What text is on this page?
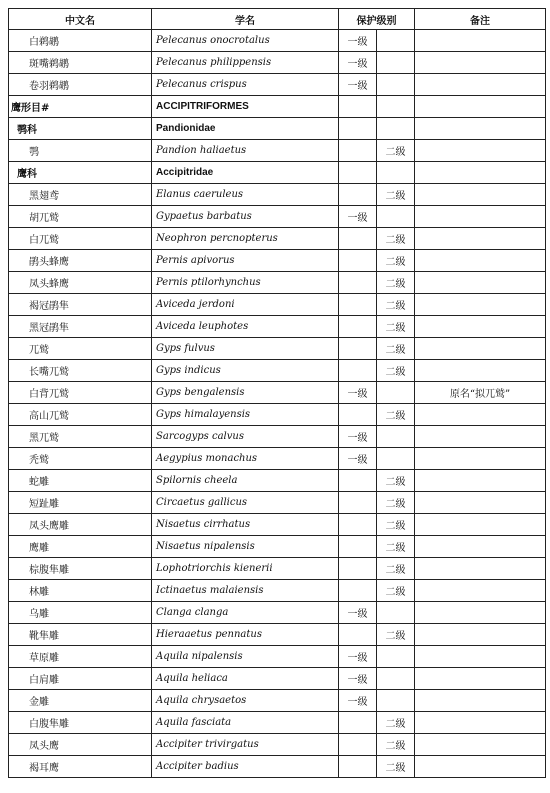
中文名	学名	保护级别		备注
白鹈鹕	Pelecanus onocrotalus	一级		
斑嘴鹈鹕	Pelecanus philippensis	一级		
卷羽鹈鹕	Pelecanus crispus	一级		
鹰形目#	ACCIPITRIFORMES			
鹗科	Pandionidae			
鹗	Pandion haliaetus		二级	
鹰科	Accipitridae			
黑翅鸢	Elanus caeruleus		二级	
胡兀鹫	Gypaetus barbatus	一级		
白兀鹫	Neophron percnopterus		二级	
鹃头蜂鹰	Pernis apivorus		二级	
凤头蜂鹰	Pernis ptilorhynchus		二级	
褐冠鹃隼	Aviceda jerdoni		二级	
黑冠鹃隼	Aviceda leuphotes		二级	
兀鹫	Gyps fulvus		二级	
长嘴兀鹫	Gyps indicus		二级	
白背兀鹫	Gyps bengalensis	一级		原名“拟兀鹫”
高山兀鹫	Gyps himalayensis		二级	
黑兀鹫	Sarcogyps calvus	一级		
秃鹫	Aegypius monachus	一级		
蛇雕	Spilornis cheela		二级	
短趾雕	Circaetus gallicus		二级	
凤头鹰雕	Nisaetus cirrhatus		二级	
鹰雕	Nisaetus nipalensis		二级	
棕腹隼雕	Lophotriorchis kienerii		二级	
林雕	Ictinaetus malaiensis		二级	
乌雕	Clanga clanga	一级		
靴隼雕	Hieraaetus pennatus		二级	
草原雕	Aquila nipalensis	一级		
白肩雕	Aquila heliaca	一级		
金雕	Aquila chrysaetos	一级		
白腹隼雕	Aquila fasciata		二级	
凤头鹰	Accipiter trivirgatus		二级	
褐耳鹰	Accipiter badius		二级	
